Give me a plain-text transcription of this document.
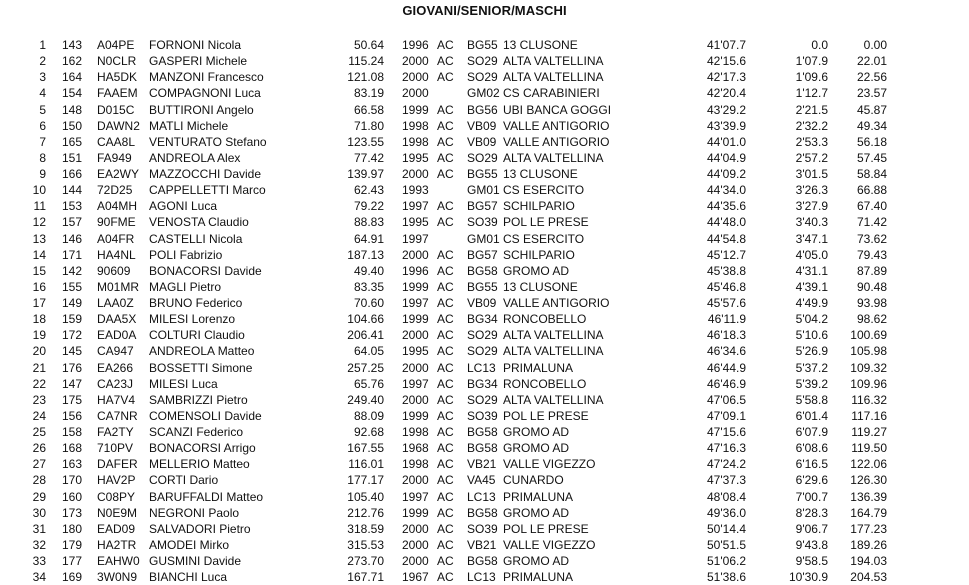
GIOVANI/SENIOR/MASCHI
1 143 A04PE FORNONI Nicola	50.64 1996 AC BG55 13 CLUSONE	41'07.7	0.0	0.00
2 162 N0CLR GASPERI Michele	115.24 2000 AC SO29 ALTA VALTELLINA	42'15.6	1'07.9 22.01
3 164 HA5DK MANZONI Francesco	121.08 2000 AC SO29 ALTA VALTELLINA	42'17.3	1'09.6 22.56
4 154 FAAEM COMPAGNONI Luca	83.19 2000	GM02 CS CARABINIERI	42'20.4	1'12.7 23.57
5 148 D015C BUTTIRONI Angelo	66.58 1999 AC BG56 UBI BANCA GOGGI	43'29.2	2'21.5 45.87
6 150 DAWN2 MATLI Michele	71.80 1998 AC VB09 VALLE ANTIGORIO	43'39.9	2'32.2 49.34
7 165 CAA8L VENTURATO Stefano	123.55 1998 AC VB09 VALLE ANTIGORIO	44'01.0	2'53.3 56.18
8 151 FA949 ANDREOLA Alex	77.42 1995 AC SO29 ALTA VALTELLINA	44'04.9	2'57.2 57.45
9 166 EA2WY MAZZOCCHI Davide	139.97 2000 AC BG55 13 CLUSONE	44'09.2	3'01.5 58.84
10 144 72D25 CAPPELLETTI Marco	62.43 1993	GM01 CS ESERCITO	44'34.0	3'26.3 66.88
11 153 A04MH AGONI Luca	79.22 1997 AC BG57 SCHILPARIO	44'35.6	3'27.9 67.40
12 157 90FME VENOSTA Claudio	88.83 1995 AC SO39 POL LE PRESE	44'48.0	3'40.3 71.42
13 146 A04FR CASTELLI Nicola	64.91 1997	GM01 CS ESERCITO	44'54.8	3'47.1 73.62
14 171 HA4NL POLI Fabrizio	187.13 2000 AC BG57 SCHILPARIO	45'12.7	4'05.0 79.43
15 142 90609 BONACORSI Davide	49.40 1996 AC BG58 GROMO AD	45'38.8	4'31.1 87.89
16 155 M01MR MAGLI Pietro	83.35 1999 AC BG55 13 CLUSONE	45'46.8	4'39.1 90.48
17 149 LAA0Z BRUNO Federico	70.60 1997 AC VB09 VALLE ANTIGORIO	45'57.6	4'49.9 93.98
18 159 DAA5X MILESI Lorenzo	104.66 1999 AC BG34 RONCOBELLO	46'11.9	5'04.2 98.62
19 172 EAD0A COLTURI Claudio	206.41 2000 AC SO29 ALTA VALTELLINA	46'18.3	5'10.6 100.69
20 145 CA947 ANDREOLA Matteo	64.05 1995 AC SO29 ALTA VALTELLINA	46'34.6	5'26.9 105.98
21 176 EA266 BOSSETTI Simone	257.25 2000 AC LC13 PRIMALUNA	46'44.9	5'37.2 109.32
22 147 CA23J MILESI Luca	65.76 1997 AC BG34 RONCOBELLO	46'46.9	5'39.2 109.96
23 175 HA7V4 SAMBRIZZI Pietro	249.40 2000 AC SO29 ALTA VALTELLINA	47'06.5	5'58.8 116.32
24 156 CA7NR COMENSOLI Davide	88.09 1999 AC SO39 POL LE PRESE	47'09.1	6'01.4 117.16
25 158 FA2TY SCANZI Federico	92.68 1998 AC BG58 GROMO AD	47'15.6	6'07.9 119.27
26 168 710PV BONACORSI Arrigo	167.55 1968 AC BG58 GROMO AD	47'16.3	6'08.6 119.50
27 163 DAFER MELLERIO Matteo	116.01 1998 AC VB21 VALLE VIGEZZO	47'24.2	6'16.5 122.06
28 170 HAV2P CORTI Dario	177.17 2000 AC VA45 CUNARDO	47'37.3	6'29.6 126.30
29 160 C08PY BARUFFALDI Matteo	105.40 1997 AC LC13 PRIMALUNA	48'08.4	7'00.7 136.39
30 173 N0E9M NEGRONI Paolo	212.76 1999 AC BG58 GROMO AD	49'36.0	8'28.3 164.79
31 180 EAD09 SALVADORI Pietro	318.59 2000 AC SO39 POL LE PRESE	50'14.4	9'06.7 177.23
32 179 HA2TR AMODEI Mirko	315.53 2000 AC VB21 VALLE VIGEZZO	50'51.5	9'43.8 189.26
33 177 EAHW0 GUSMINI Davide	273.70 2000 AC BG58 GROMO AD	51'06.2	9'58.5 194.03
34 169 3W0N9 BIANCHI Luca	167.71 1967 AC LC13 PRIMALUNA	51'38.6	10'30.9 204.53
